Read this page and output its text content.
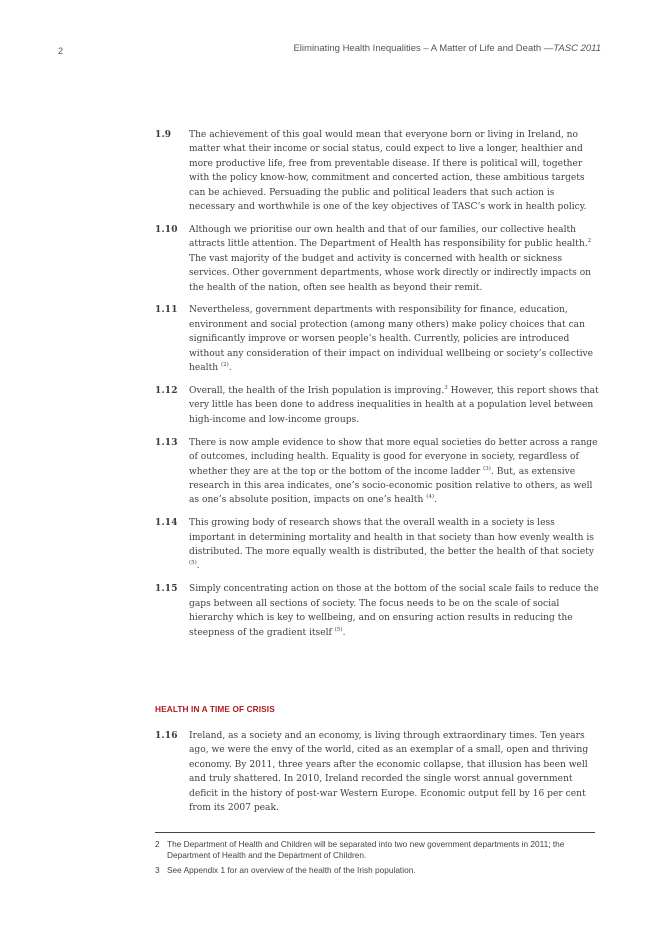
2	Eliminating Health Inequalities – A Matter of Life and Death —TASC 2011
1.9	The achievement of this goal would mean that everyone born or living in Ireland, no matter what their income or social status, could expect to live a longer, healthier and more productive life, free from preventable disease. If there is political will, together with the policy know-how, commitment and concerted action, these ambitious targets can be achieved. Persuading the public and political leaders that such action is necessary and worthwhile is one of the key objectives of TASC’s work in health policy.
1.10	Although we prioritise our own health and that of our families, our collective health attracts little attention. The Department of Health has responsibility for public health.$^2$ The vast majority of the budget and activity is concerned with health or sickness services. Other government departments, whose work directly or indirectly impacts on the health of the nation, often see health as beyond their remit.
1.11	Nevertheless, government departments with responsibility for finance, education, environment and social protection (among many others) make policy choices that can significantly improve or worsen people’s health. Currently, policies are introduced without any consideration of their impact on individual wellbeing or society’s collective health $^{(2)}$.
1.12	Overall, the health of the Irish population is improving.$^3$ However, this report shows that very little has been done to address inequalities in health at a population level between high-income and low-income groups.
1.13	There is now ample evidence to show that more equal societies do better across a range of outcomes, including health. Equality is good for everyone in society, regardless of whether they are at the top or the bottom of the income ladder $^{(3)}$. But, as extensive research in this area indicates, one’s socio-economic position relative to others, as well as one’s absolute position, impacts on one’s health $^{(4)}$.
1.14	This growing body of research shows that the overall wealth in a society is less important in determining mortality and health in that society than how evenly wealth is distributed. The more equally wealth is distributed, the better the health of that society $^{(5)}$.
1.15	Simply concentrating action on those at the bottom of the social scale fails to reduce the gaps between all sections of society. The focus needs to be on the scale of social hierarchy which is key to wellbeing, and on ensuring action results in reducing the steepness of the gradient itself $^{(5)}$.
HEALTH IN A TIME OF CRISIS
1.16	Ireland, as a society and an economy, is living through extraordinary times. Ten years ago, we were the envy of the world, cited as an exemplar of a small, open and thriving economy. By 2011, three years after the economic collapse, that illusion has been well and truly shattered. In 2010, Ireland recorded the single worst annual government deficit in the history of post-war Western Europe. Economic output fell by 16 per cent from its 2007 peak.
2 The Department of Health and Children will be separated into two new government departments in 2011; the Department of Health and the Department of Children.
3 See Appendix 1 for an overview of the health of the Irish population.
